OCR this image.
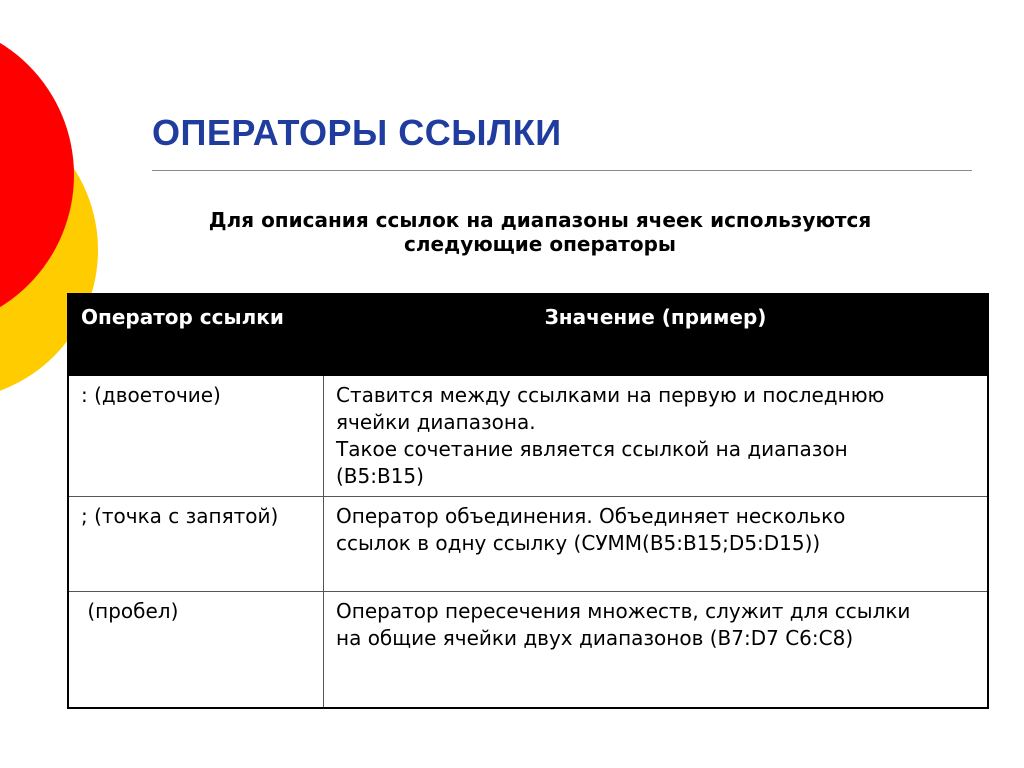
ОПЕРАТОРЫ ССЫЛКИ
Для описания ссылок на диапазоны ячеек используются
следующие операторы
Оператор ссылки	Значение (пример)
: (двоеточие)	Ставится между ссылками на первую и последнюю
ячейки диапазона.
Такое сочетание является ссылкой на диапазон
(B5:B15)

; (точка с запятой)	Оператор объединения. Объединяет несколько
ссылок в одну ссылку (СУММ(B5:B15;D5:D15))

(пробел)	Оператор пересечения множеств, служит для ссылки
на общие ячейки двух диапазонов (B7:D7 C6:C8)
